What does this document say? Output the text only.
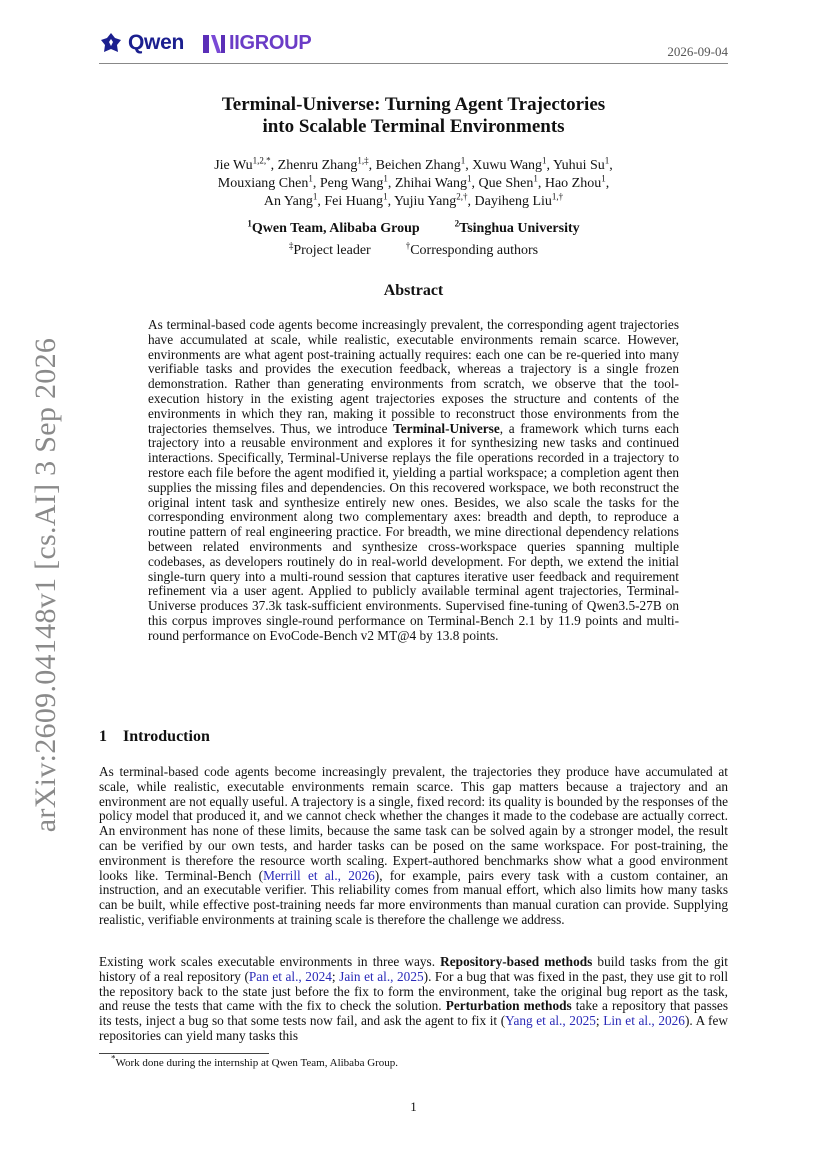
Qwen IIGROUP	2026-09-04
arXiv:2609.04148v1 [cs.AI] 3 Sep 2026
Terminal-Universe: Turning Agent Trajectories
into Scalable Terminal Environments
Jie $Wu^{1,2,*}$, Zhenru Zhang$^{1,\ddagger}$, Beichen Zhang$^1$, Xuwu Wang$^1$, Yuhui Su$^1$,
Mouxiang Chen$^1$, Peng Wang$^1$, Zhihai Wang$^1$, Que Shen$^1$, Hao Zhou$^1$,
An Yang$^1$, Fei Huang$^1$, Yujiu Yang$^{2,\dagger}$, Dayiheng Liu$^{1,\dagger}$
$^1$Qwen Team, Alibaba Group	$^2$Tsinghua University
‡Project leader	†Corresponding authors
Abstract
As terminal-based code agents become increasingly prevalent, the corresponding agent trajectories have accumulated at scale, while realistic, executable environments remain scarce. However, environments are what agent post-training actually requires: each one can be re-queried into many verifiable tasks and provides the execution feedback, whereas a trajectory is a single frozen demonstration. Rather than generating environments from scratch, we observe that the tool-execution history in the existing agent trajectories exposes the structure and contents of the environments in which they ran, making it possible to reconstruct those environments from the trajectories themselves. Thus, we introduce Terminal-Universe, a framework which turns each trajectory into a reusable environment and explores it for synthesizing new tasks and continued interactions. Specifically, Terminal-Universe replays the file operations recorded in a trajectory to restore each file before the agent modified it, yielding a partial workspace; a completion agent then supplies the missing files and dependencies. On this recovered workspace, we both reconstruct the original intent task and synthesize entirely new ones. Besides, we also scale the tasks for the corresponding environment along two complementary axes: breadth and depth, to reproduce a routine pattern of real engineering practice. For breadth, we mine directional dependency relations between related environments and synthesize cross-workspace queries spanning multiple codebases, as developers routinely do in real-world development. For depth, we extend the initial single-turn query into a multi-round session that captures iterative user feedback and requirement refinement via a user agent. Applied to publicly available terminal agent trajectories, Terminal-Universe produces 37.3k task-sufficient environments. Supervised fine-tuning of Qwen3.5-27B on this corpus improves single-round performance on Terminal-Bench 2.1 by 11.9 points and multi-round performance on EvoCode-Bench v2 MT@4 by 13.8 points.
1 Introduction
As terminal-based code agents become increasingly prevalent, the trajectories they produce have accumulated at scale, while realistic, executable environments remain scarce. This gap matters because a trajectory and an environment are not equally useful. A trajectory is a single, fixed record: its quality is bounded by the responses of the policy model that produced it, and we cannot check whether the changes it made to the codebase are actually correct. An environment has none of these limits, because the same task can be solved again by a stronger model, the result can be verified by our own tests, and harder tasks can be posed on the same workspace. For post-training, the environment is therefore the resource worth scaling. Expert-authored benchmarks show what a good environment looks like. Terminal-Bench (Merrill et al., 2026), for example, pairs every task with a custom container, an instruction, and an executable verifier. This reliability comes from manual effort, which also limits how many tasks can be built, while effective post-training needs far more environments than manual curation can provide. Supplying realistic, verifiable environments at training scale is therefore the challenge we address.
Existing work scales executable environments in three ways. Repository-based methods build tasks from the git history of a real repository (Pan et al., 2024; Jain et al., 2025). For a bug that was fixed in the past, they use git to roll the repository back to the state just before the fix to form the environment, take the original bug report as the task, and reuse the tests that came with the fix to check the solution. Perturbation methods take a repository that passes its tests, inject a bug so that some tests now fail, and ask the agent to fix it (Yang et al., 2025; Lin et al., 2026). A few repositories can yield many tasks this
*Work done during the internship at Qwen Team, Alibaba Group.
1
